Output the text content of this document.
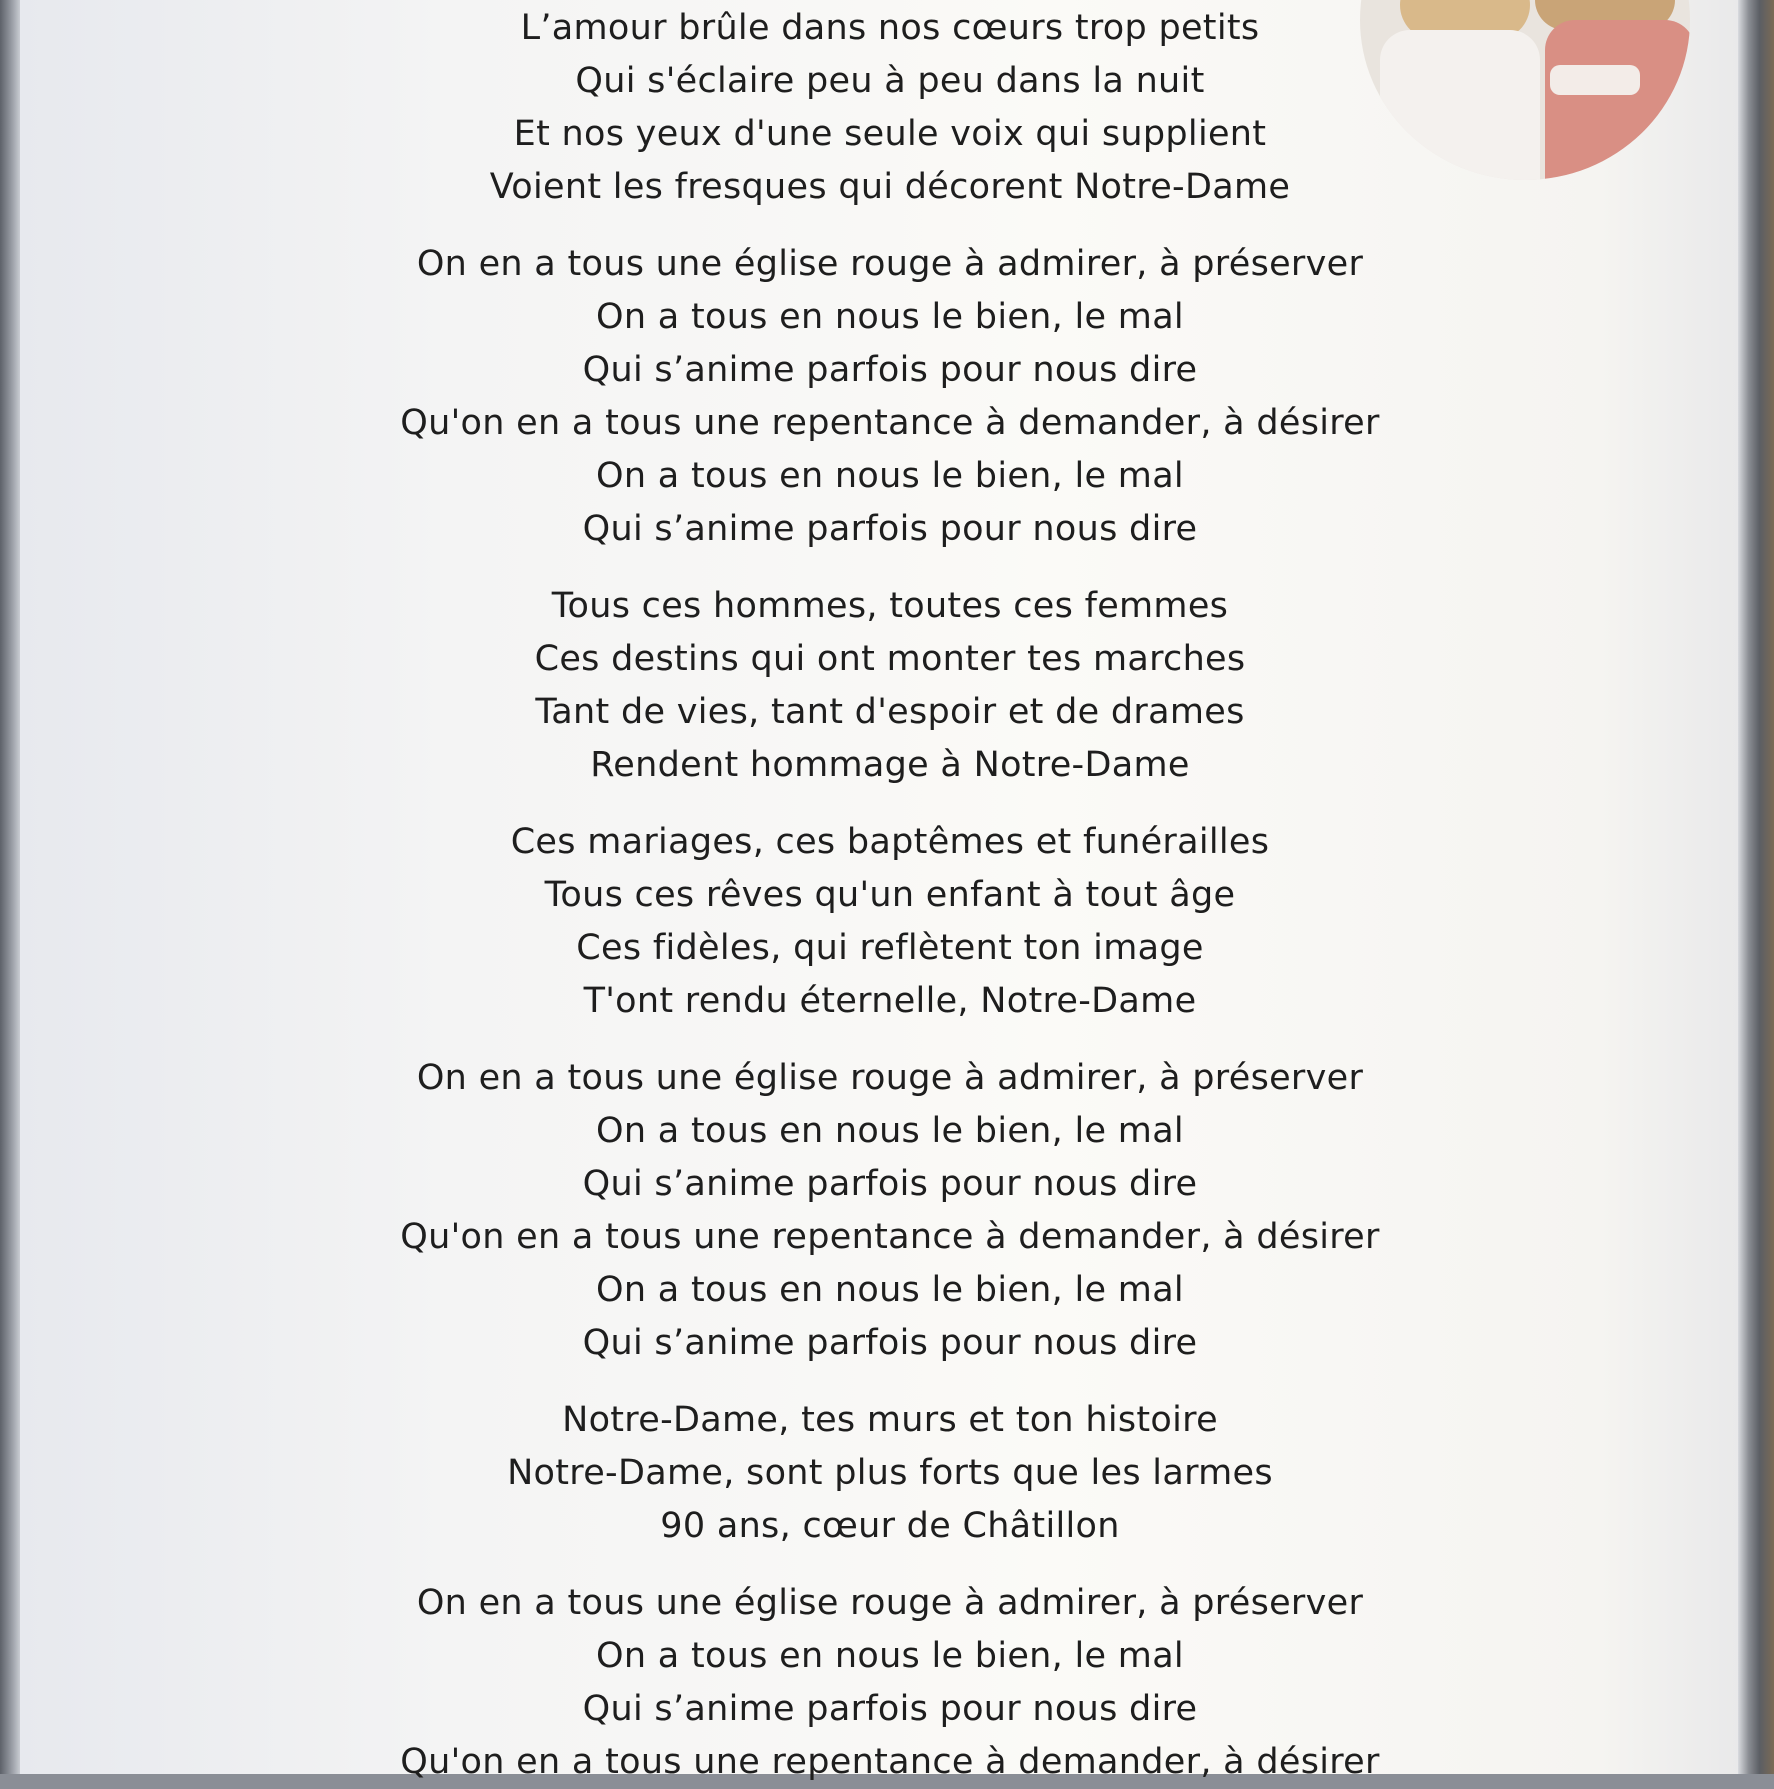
L’amour brûle dans nos cœurs trop petits
Qui s'éclaire peu à peu dans la nuit
Et nos yeux d'une seule voix qui supplient
Voient les fresques qui décorent Notre-Dame
On en a tous une église rouge à admirer, à préserver
On a tous en nous le bien, le mal
Qui s’anime parfois pour nous dire
Qu'on en a tous une repentance à demander, à désirer
On a tous en nous le bien, le mal
Qui s’anime parfois pour nous dire
Tous ces hommes, toutes ces femmes
Ces destins qui ont monter tes marches
Tant de vies, tant d'espoir et de drames
Rendent hommage à Notre-Dame
Ces mariages, ces baptêmes et funérailles
Tous ces rêves qu'un enfant à tout âge
Ces fidèles, qui reflètent ton image
T'ont rendu éternelle, Notre-Dame
On en a tous une église rouge à admirer, à préserver
On a tous en nous le bien, le mal
Qui s’anime parfois pour nous dire
Qu'on en a tous une repentance à demander, à désirer
On a tous en nous le bien, le mal
Qui s’anime parfois pour nous dire
Notre-Dame, tes murs et ton histoire
Notre-Dame, sont plus forts que les larmes
90 ans, cœur de Châtillon
On en a tous une église rouge à admirer, à préserver
On a tous en nous le bien, le mal
Qui s’anime parfois pour nous dire
Qu'on en a tous une repentance à demander, à désirer
